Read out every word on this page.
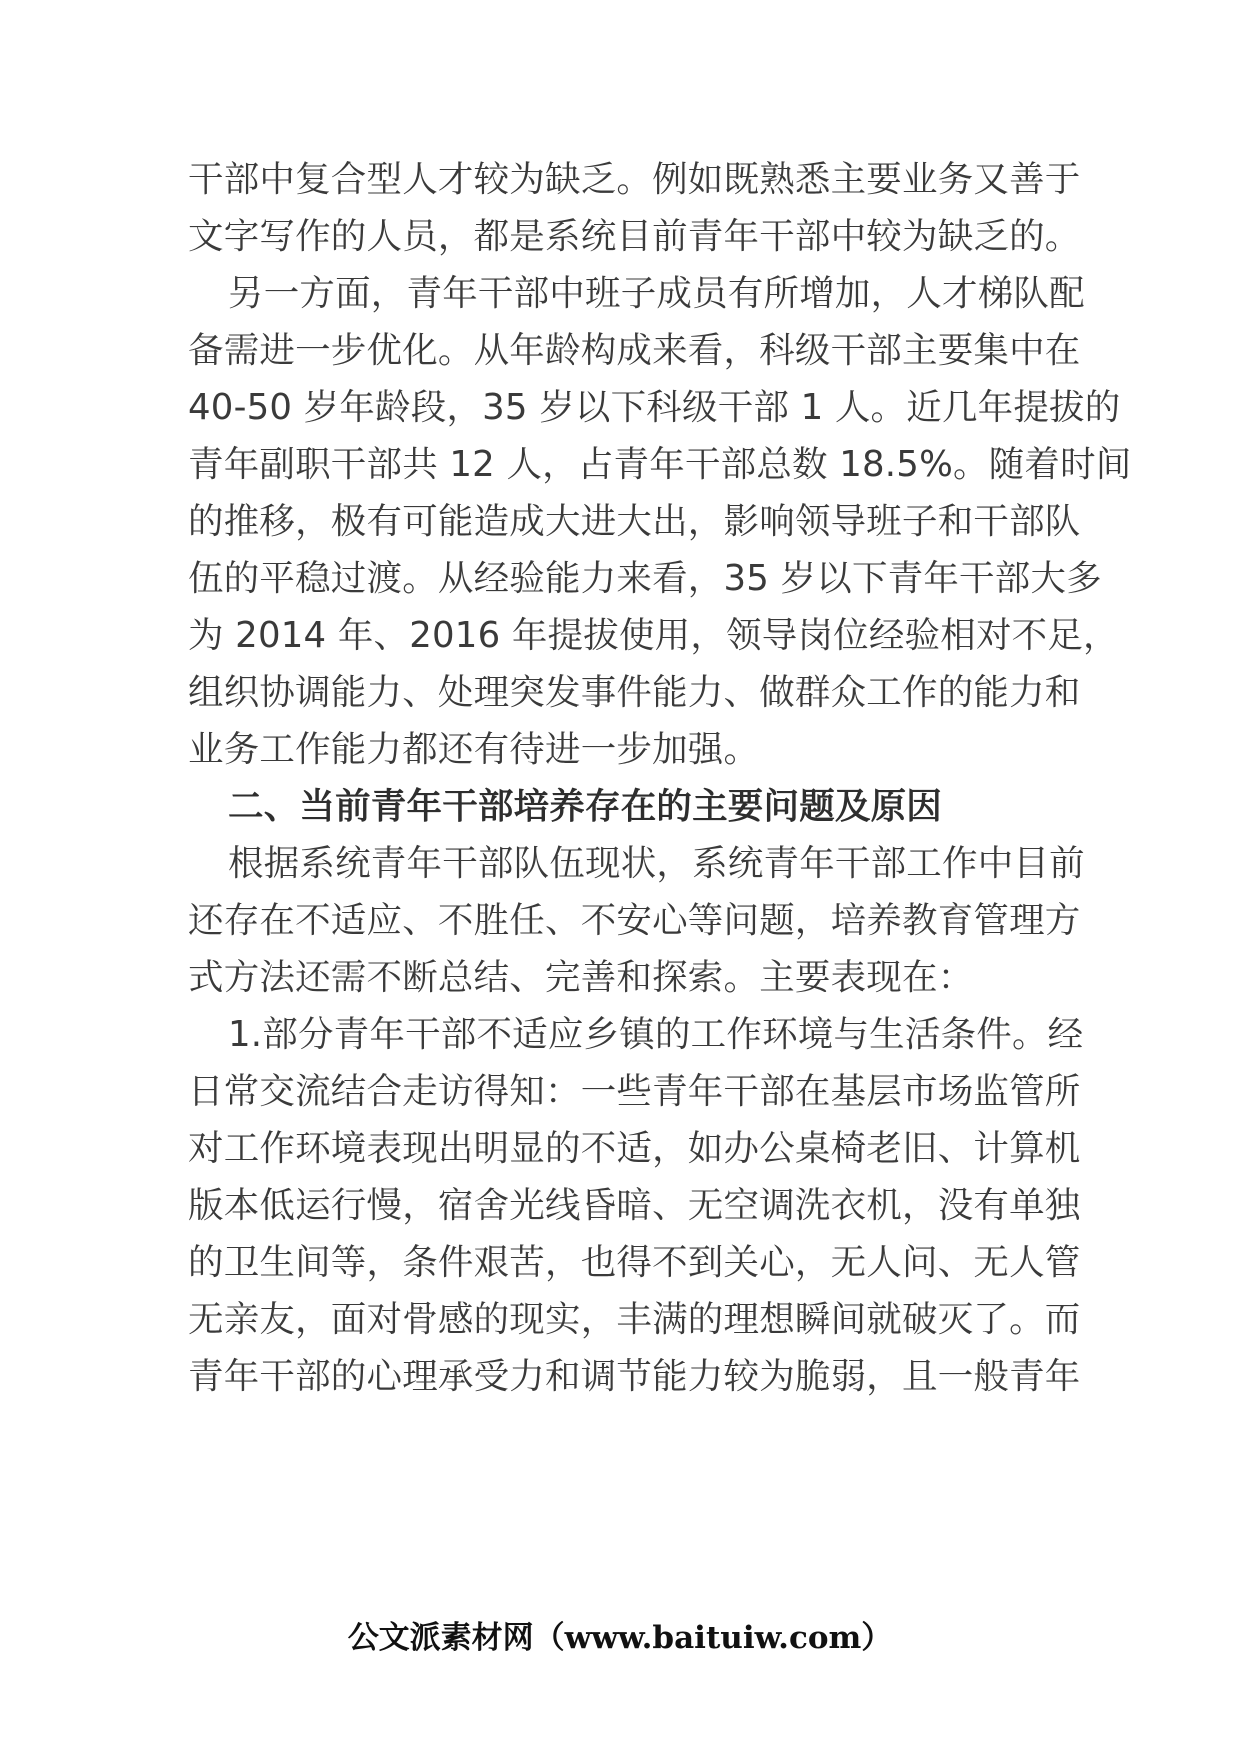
干部中复合型人才较为缺乏。例如既熟悉主要业务又善于
文字写作的人员，都是系统目前青年干部中较为缺乏的。
另一方面，青年干部中班子成员有所增加，人才梯队配
备需进一步优化。从年龄构成来看，科级干部主要集中在
40-50 岁年龄段，35 岁以下科级干部 1 人。近几年提拔的
青年副职干部共 12 人，占青年干部总数 18.5%。随着时间
的推移，极有可能造成大进大出，影响领导班子和干部队
伍的平稳过渡。从经验能力来看，35 岁以下青年干部大多
为 2014 年、2016 年提拔使用，领导岗位经验相对不足，
组织协调能力、处理突发事件能力、做群众工作的能力和
业务工作能力都还有待进一步加强。
二、当前青年干部培养存在的主要问题及原因
根据系统青年干部队伍现状，系统青年干部工作中目前
还存在不适应、不胜任、不安心等问题，培养教育管理方
式方法还需不断总结、完善和探索。主要表现在：
1.部分青年干部不适应乡镇的工作环境与生活条件。经
日常交流结合走访得知：一些青年干部在基层市场监管所
对工作环境表现出明显的不适，如办公桌椅老旧、计算机
版本低运行慢，宿舍光线昏暗、无空调洗衣机，没有单独
的卫生间等，条件艰苦，也得不到关心，无人问、无人管
无亲友，面对骨感的现实，丰满的理想瞬间就破灭了。而
青年干部的心理承受力和调节能力较为脆弱，且一般青年
公文派素材网（www.baituiw.com）
